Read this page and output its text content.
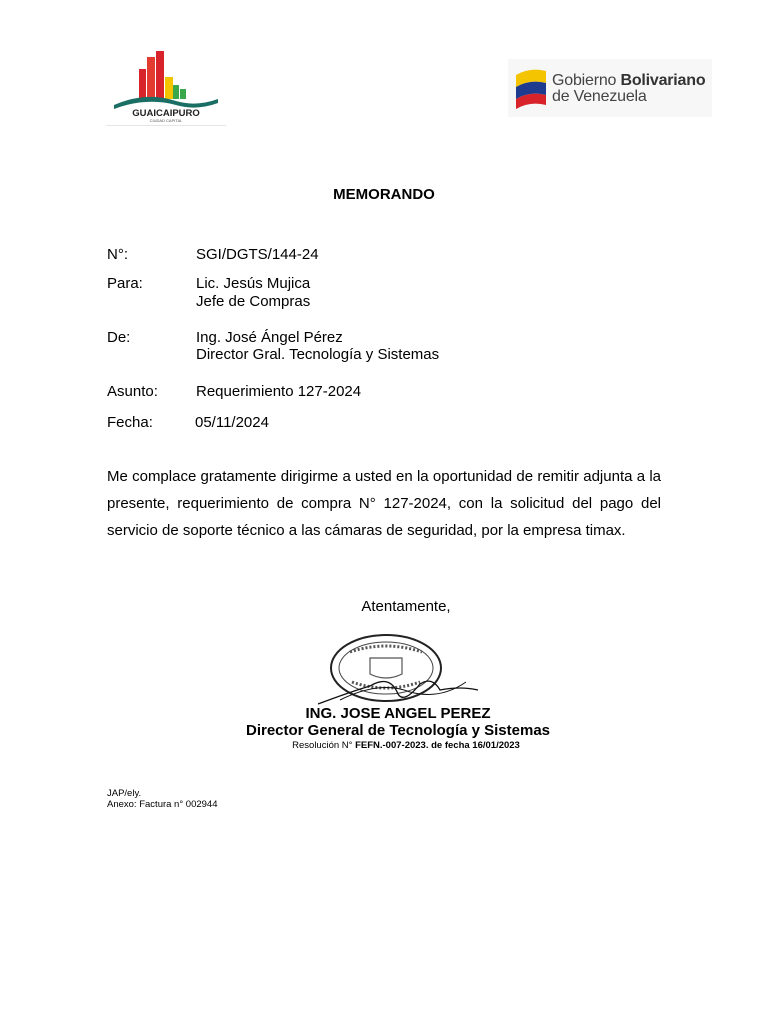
GUAICAIPURO
CIUDAD CAPITAL
Gobierno Bolivariano
de Venezuela
MEMORANDO
N°:	SGI/DGTS/144-24
Para:	Lic. Jesús Mujica
Jefe de Compras
De:	Ing. José Ángel Pérez
Director Gral. Tecnología y Sistemas
Asunto:	Requerimiento 127-2024
Fecha:	05/11/2024
Me complace gratamente dirigirme a usted en la oportunidad de remitir adjunta a la presente, requerimiento de compra N° 127-2024, con la solicitud del pago del servicio de soporte técnico a las cámaras de seguridad, por la empresa timax.
Atentamente,
ING. JOSE ANGEL PEREZ
Director General de Tecnología y Sistemas
Resolución N° FEFN.-007-2023. de fecha 16/01/2023
JAP/ely.
Anexo: Factura n° 002944
